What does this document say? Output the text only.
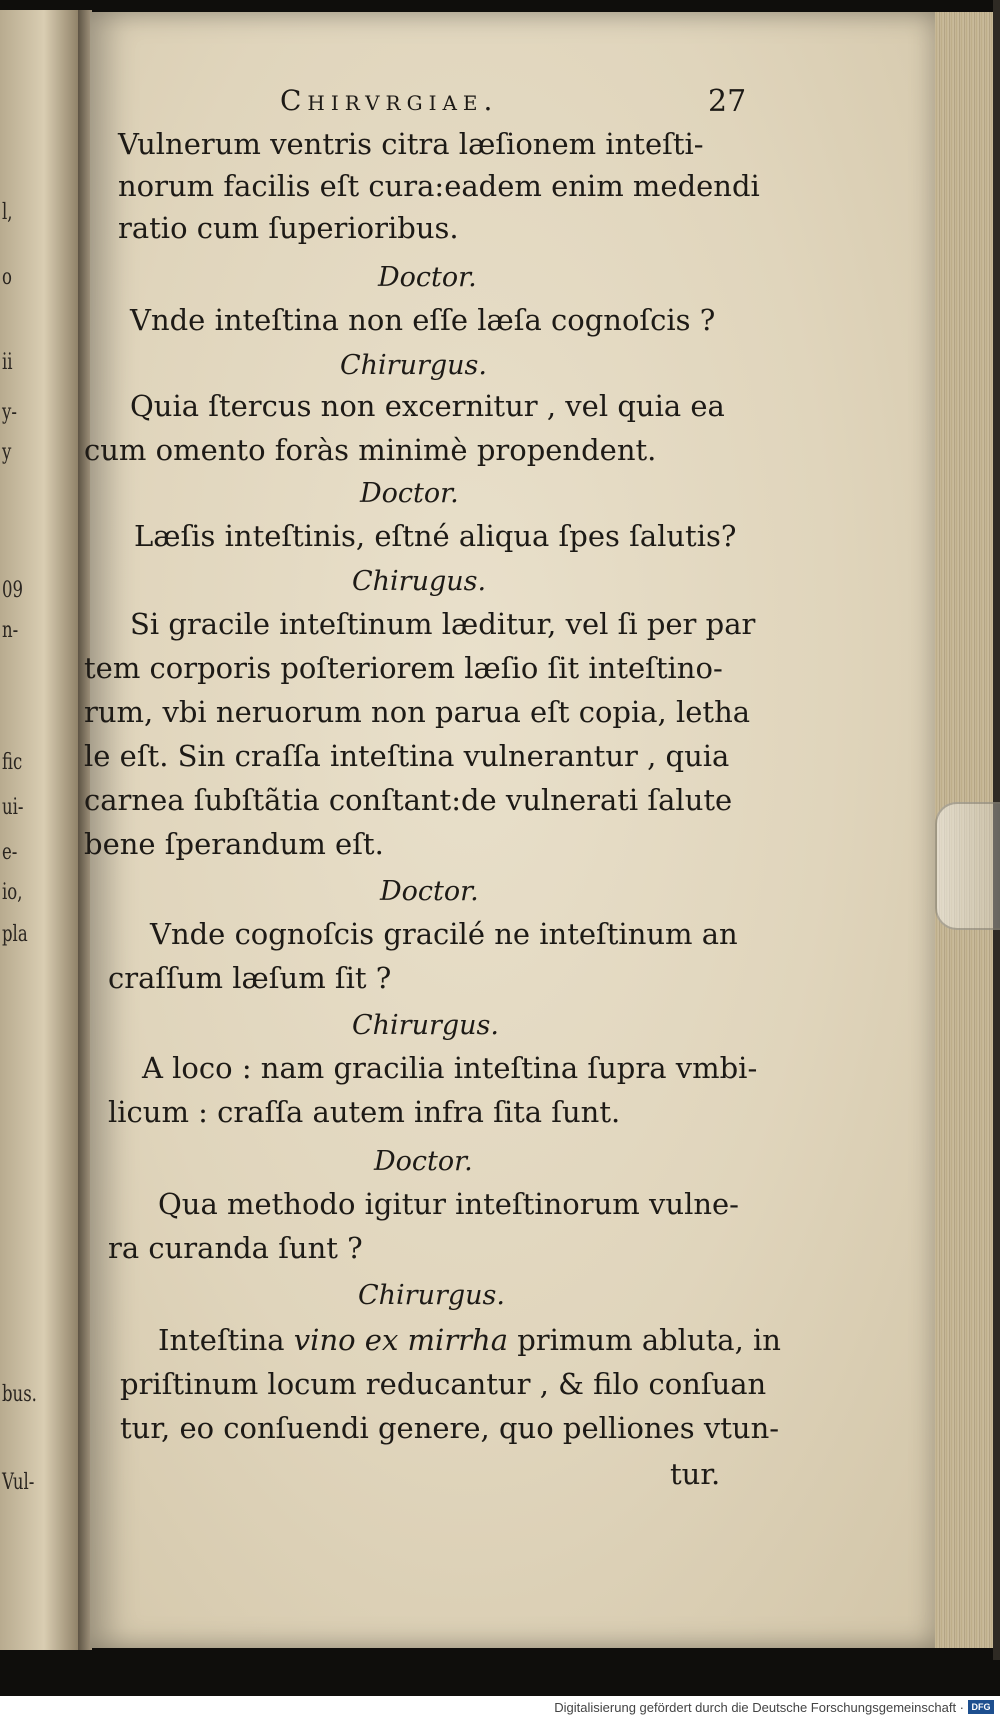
l,
o
ii
y-
y
09
n-
fic
ui-
e-
io,
pla
bus.
Vul-
Chirvrgiae.	27
Vulnerum ventris citra læſionem inteſti-
norum facilis eſt cura:eadem enim medendi
ratio cum ſuperioribus.
Doctor.
Vnde inteſtina non eſſe læſa cognoſcis ?
Chirurgus.
Quia ſtercus non excernitur , vel quia ea
cum omento foràs minimè propendent.
Doctor.
Læſis inteſtinis, eſtné aliqua ſpes ſalutis?
Chirugus.
Si gracile inteſtinum læditur, vel ſi per par
tem corporis poſteriorem læſio ſit inteſtino-
rum, vbi neruorum non parua eſt copia, letha
le eſt. Sin craſſa inteſtina vulnerantur , quia
carnea ſubſtãtia conſtant:de vulnerati ſalute
bene ſperandum eſt.
Doctor.
Vnde cognoſcis gracilé ne inteſtinum an
craſſum læſum ſit ?
Chirurgus.
A loco : nam gracilia inteſtina ſupra vmbi-
licum : craſſa autem infra ſita ſunt.
Doctor.
Qua methodo igitur inteſtinorum vulne-
ra curanda ſunt ?
Chirurgus.
Inteſtina vino ex mirrha primum abluta, in
priſtinum locum reducantur , & filo conſuan
tur, eo conſuendi genere, quo pelliones vtun-
tur.
Digitalisierung gefördert durch die Deutsche Forschungsgemeinschaft · DFG
